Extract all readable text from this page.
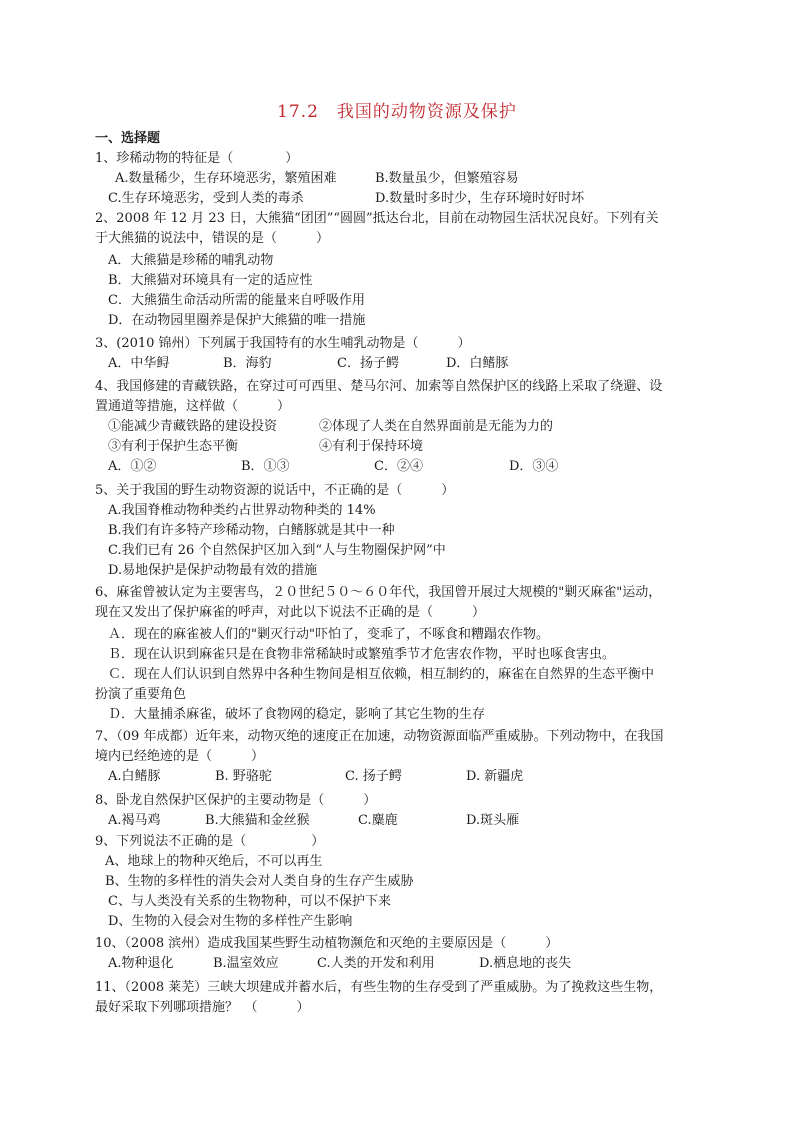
17.2　我国的动物资源及保护
一、选择题
1、珍稀动物的特征是（　　　　）
A.数量稀少，生存环境恶劣，繁殖困难	B.数量虽少，但繁殖容易
C.生存环境恶劣，受到人类的毒杀	D.数量时多时少，生存环境时好时坏
2、2008 年 12 月 23 日，大熊猫“团团”“圆圆”抵达台北，目前在动物园生活状况良好。下列有关
于大熊猫的说法中，错误的是（　　　）
A．大熊猫是珍稀的哺乳动物
B．大熊猫对环境具有一定的适应性
C．大熊猫生命活动所需的能量来自呼吸作用
D．在动物园里圈养是保护大熊猫的唯一措施
3、(2010 锦州）下列属于我国特有的水生哺乳动物是（　　　）
A．中华鲟	B．海豹	C．扬子鳄	D．白鳍豚
4、我国修建的青藏铁路，在穿过可可西里、楚马尔河、加索等自然保护区的线路上采取了绕避、设
置通道等措施，这样做（　　　）
①能减少青藏铁路的建设投资	②体现了人类在自然界面前是无能为力的
③有利于保护生态平衡	④有利于保持环境
A．①②	B．①③	C．②④	D．③④
5、关于我国的野生动物资源的说话中，不正确的是（　　　）
A.我国脊椎动物种类约占世界动物种类的 14%
B.我们有许多特产珍稀动物，白鳍豚就是其中一种
C.我们已有 26 个自然保护区加入到“人与生物圈保护网”中
D.易地保护是保护动物最有效的措施
6、麻雀曾被认定为主要害鸟，２０世纪５０～６０年代，我国曾开展过大规模的"剿灭麻雀"运动，
现在又发出了保护麻雀的呼声，对此以下说法不正确的是（　　　）
Ａ．现在的麻雀被人们的"剿灭行动"吓怕了，变乖了，不啄食和糟蹋农作物。
Ｂ．现在认识到麻雀只是在食物非常稀缺时或繁殖季节才危害农作物，平时也啄食害虫。
Ｃ．现在人们认识到自然界中各种生物间是相互依赖，相互制约的，麻雀在自然界的生态平衡中
扮演了重要角色
Ｄ．大量捕杀麻雀，破坏了食物网的稳定，影响了其它生物的生存
7、（09 年成都）近年来，动物灭绝的速度正在加速，动物资源面临严重威胁。下列动物中，在我国
境内已经绝迹的是（　　　）
A.白鳍豚	B. 野骆驼	C. 扬子鳄	D. 新疆虎
8、卧龙自然保护区保护的主要动物是（　　　）
A.褐马鸡	B.大熊猫和金丝猴	C.麋鹿	D.斑头雁
9、下列说法不正确的是（　　　　　）
A、地球上的物种灭绝后，不可以再生
B、生物的多样性的消失会对人类自身的生存产生威胁
C、与人类没有关系的生物物种，可以不保护下来
D、生物的入侵会对生物的多样性产生影响
10、（2008 滨州）造成我国某些野生动植物濒危和灭绝的主要原因是（　　　）
A.物种退化	B.温室效应	C.人类的开发和利用	D.栖息地的丧失
11、（2008 莱芜）三峡大坝建成并蓄水后，有些生物的生存受到了严重威胁。为了挽救这些生物，
最好采取下列哪项措施？　（　　　）
